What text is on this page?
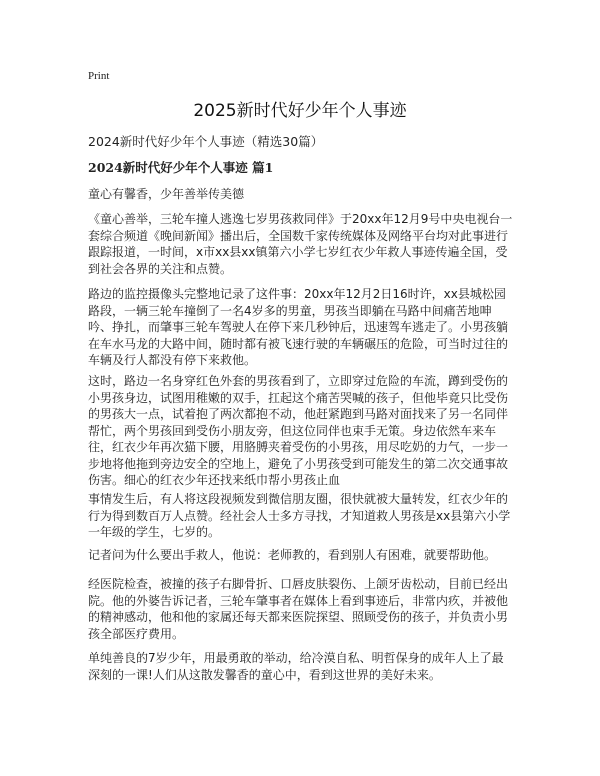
Print
2025新时代好少年个人事迹
2024新时代好少年个人事迹（精选30篇）
2024新时代好少年个人事迹 篇1
童心有馨香，少年善举传美德
《童心善举，三轮车撞人逃逸七岁男孩救同伴》于20xx年12月9号中央电视台一套综合频道《晚间新闻》播出后，全国数千家传统媒体及网络平台均对此事进行跟踪报道，一时间，x市xx县xx镇第六小学七岁红衣少年救人事迹传遍全国，受到社会各界的关注和点赞。
路边的监控摄像头完整地记录了这件事：20xx年12月2日16时许，xx县城松园路段，一辆三轮车撞倒了一名4岁多的男童，男孩当即躺在马路中间痛苦地呻吟、挣扎，而肇事三轮车驾驶人在停下来几秒钟后，迅速驾车逃走了。小男孩躺在车水马龙的大路中间，随时都有被飞速行驶的车辆碾压的危险，可当时过往的车辆及行人都没有停下来救他。
这时，路边一名身穿红色外套的男孩看到了，立即穿过危险的车流，蹲到受伤的小男孩身边，试图用稚嫩的双手，扛起这个痛苦哭喊的孩子，但他毕竟只比受伤的男孩大一点，试着抱了两次都抱不动，他赶紧跑到马路对面找来了另一名同伴帮忙，两个男孩回到受伤小朋友旁，但这位同伴也束手无策。身边依然车来车往，红衣少年再次猫下腰，用胳膊夹着受伤的小男孩，用尽吃奶的力气，一步一步地将他拖到旁边安全的空地上，避免了小男孩受到可能发生的第二次交通事故伤害。细心的红衣少年还找来纸巾帮小男孩止血
事情发生后，有人将这段视频发到微信朋友圈，很快就被大量转发，红衣少年的行为得到数百万人点赞。经社会人士多方寻找，才知道救人男孩是xx县第六小学一年级的学生，七岁的。
记者问为什么要出手救人，他说：老师教的，看到别人有困难，就要帮助他。
经医院检查，被撞的孩子右脚骨折、口唇皮肤裂伤、上颌牙齿松动，目前已经出院。他的外婆告诉记者，三轮车肇事者在媒体上看到事迹后，非常内疚，并被他的精神感动，他和他的家属还每天都来医院探望、照顾受伤的孩子，并负责小男孩全部医疗费用。
单纯善良的7岁少年，用最勇敢的举动，给冷漠自私、明哲保身的成年人上了最深刻的一课!人们从这散发馨香的童心中，看到这世界的美好未来。
